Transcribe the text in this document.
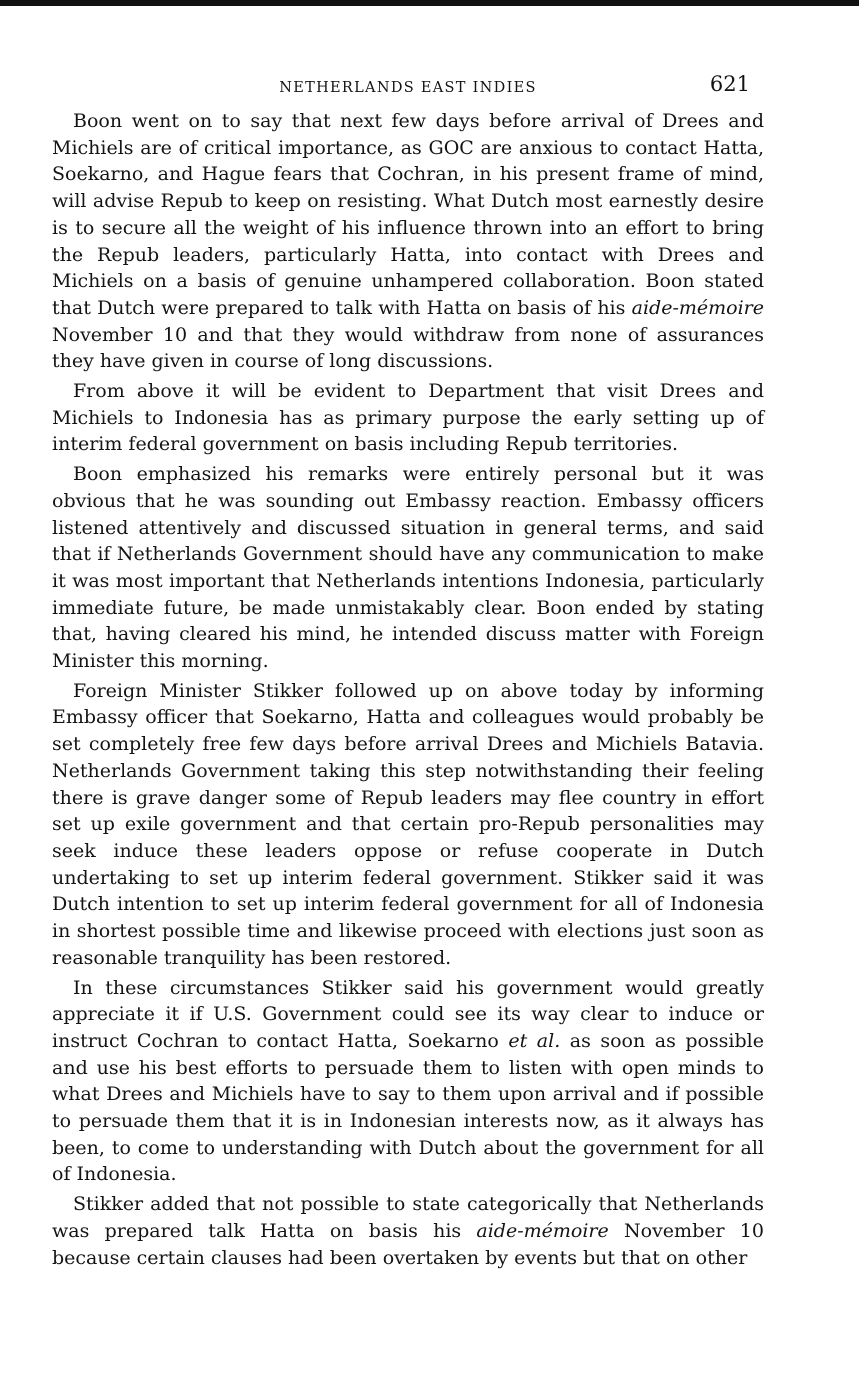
NETHERLANDS EAST INDIES	621

Boon went on to say that next few days before arrival of Drees and Michiels are of critical importance, as GOC are anxious to contact Hatta, Soekarno, and Hague fears that Cochran, in his present frame of mind, will advise Repub to keep on resisting. What Dutch most earnestly desire is to secure all the weight of his influence thrown into an effort to bring the Repub leaders, particularly Hatta, into contact with Drees and Michiels on a basis of genuine unhampered collaboration. Boon stated that Dutch were prepared to talk with Hatta on basis of his aide-mémoire November 10 and that they would withdraw from none of assurances they have given in course of long discussions.

From above it will be evident to Department that visit Drees and Michiels to Indonesia has as primary purpose the early setting up of interim federal government on basis including Repub territories.

Boon emphasized his remarks were entirely personal but it was obvious that he was sounding out Embassy reaction. Embassy officers listened attentively and discussed situation in general terms, and said that if Netherlands Government should have any communication to make it was most important that Netherlands intentions Indonesia, particularly immediate future, be made unmistakably clear. Boon ended by stating that, having cleared his mind, he intended discuss matter with Foreign Minister this morning.

Foreign Minister Stikker followed up on above today by informing Embassy officer that Soekarno, Hatta and colleagues would probably be set completely free few days before arrival Drees and Michiels Batavia. Netherlands Government taking this step notwithstanding their feeling there is grave danger some of Repub leaders may flee country in effort set up exile government and that certain pro-Repub personalities may seek induce these leaders oppose or refuse cooperate in Dutch undertaking to set up interim federal government. Stikker said it was Dutch intention to set up interim federal government for all of Indonesia in shortest possible time and likewise proceed with elections just soon as reasonable tranquility has been restored.

In these circumstances Stikker said his government would greatly appreciate it if U.S. Government could see its way clear to induce or instruct Cochran to contact Hatta, Soekarno et al. as soon as possible and use his best efforts to persuade them to listen with open minds to what Drees and Michiels have to say to them upon arrival and if possible to persuade them that it is in Indonesian interests now, as it always has been, to come to understanding with Dutch about the government for all of Indonesia.

Stikker added that not possible to state categorically that Netherlands was prepared talk Hatta on basis his aide-mémoire November 10 because certain clauses had been overtaken by events but that on other
